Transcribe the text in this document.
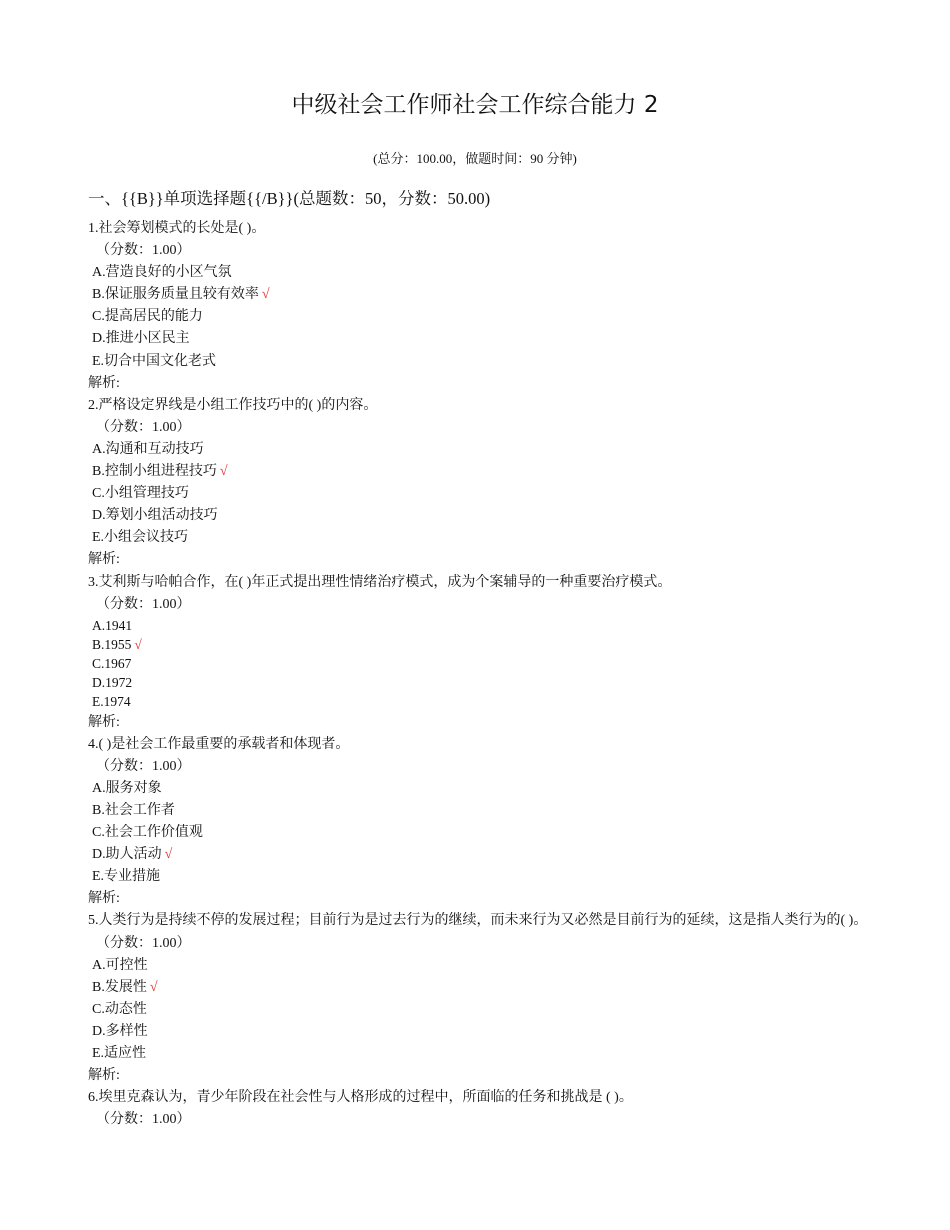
中级社会工作师社会工作综合能力 2
(总分：100.00，做题时间：90 分钟)
一、{{B}}单项选择题{{/B}}(总题数：50，分数：50.00)
1.社会筹划模式的长处是( )。
（分数：1.00）
A.营造良好的小区气氛
B.保证服务质量且较有效率 √
C.提高居民的能力
D.推进小区民主
E.切合中国文化老式
解析:
2.严格设定界线是小组工作技巧中的( )的内容。
（分数：1.00）
A.沟通和互动技巧
B.控制小组进程技巧 √
C.小组管理技巧
D.筹划小组活动技巧
E.小组会议技巧
解析:
3.艾利斯与哈帕合作，在( )年正式提出理性情绪治疗模式，成为个案辅导的一种重要治疗模式。
（分数：1.00）
A.1941
B.1955 √
C.1967
D.1972
E.1974
解析:
4.( )是社会工作最重要的承载者和体现者。
（分数：1.00）
A.服务对象
B.社会工作者
C.社会工作价值观
D.助人活动 √
E.专业措施
解析:
5.人类行为是持续不停的发展过程；目前行为是过去行为的继续，而未来行为又必然是目前行为的延续，这是指人类行为的( )。
（分数：1.00）
A.可控性
B.发展性 √
C.动态性
D.多样性
E.适应性
解析:
6.埃里克森认为，青少年阶段在社会性与人格形成的过程中，所面临的任务和挑战是 ( )。
（分数：1.00）
